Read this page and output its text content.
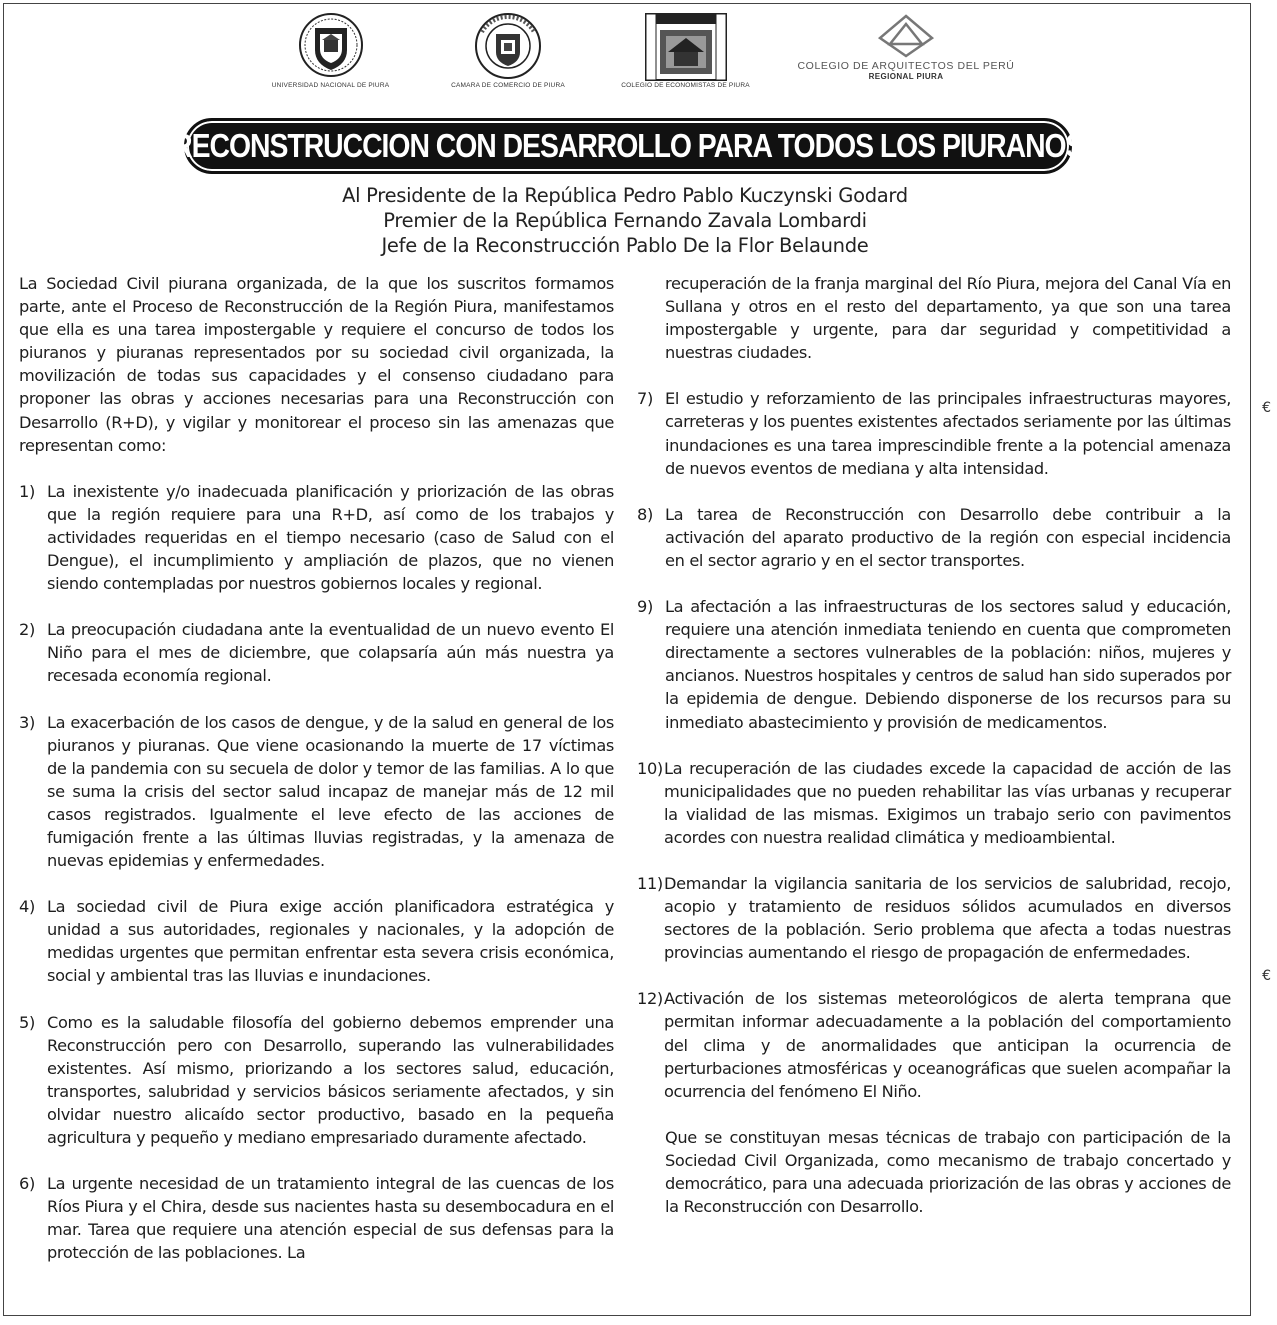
UNIVERSIDAD NACIONAL DE PIURA	CAMARA DE COMERCIO DE PIURA	COLEGIO DE ECONOMISTAS DE PIURA
COLEGIO DE ARQUITECTOS DEL PERÚ
REGIONAL PIURA
RECONSTRUCCION CON DESARROLLO PARA TODOS LOS PIURANOS
Al Presidente de la República Pedro Pablo Kuczynski Godard
Premier de la República Fernando Zavala Lombardi
Jefe de la Reconstrucción Pablo De la Flor Belaunde

La Sociedad Civil piurana organizada, de la que los suscritos formamos parte, ante el Proceso de Reconstrucción de la Región Piura, manifestamos que ella es una tarea impostergable y requiere el concurso de todos los piuranos y piuranas representados por su sociedad civil organizada, la movilización de todas sus capacidades y el consenso ciudadano para proponer las obras y acciones necesarias para una Reconstrucción con Desarrollo (R+D), y vigilar y monitorear el proceso sin las amenazas que representan como:

1) La inexistente y/o inadecuada planificación y priorización de las obras que la región requiere para una R+D, así como de los trabajos y actividades requeridas en el tiempo necesario (caso de Salud con el Dengue), el incumplimiento y ampliación de plazos, que no vienen siendo contempladas por nuestros gobiernos locales y regional.
2) La preocupación ciudadana ante la eventualidad de un nuevo evento El Niño para el mes de diciembre, que colapsaría aún más nuestra ya recesada economía regional.
3) La exacerbación de los casos de dengue, y de la salud en general de los piuranos y piuranas. Que viene ocasionando la muerte de 17 víctimas de la pandemia con su secuela de dolor y temor de las familias. A lo que se suma la crisis del sector salud incapaz de manejar más de 12 mil casos registrados. Igualmente el leve efecto de las acciones de fumigación frente a las últimas lluvias registradas, y la amenaza de nuevas epidemias y enfermedades.
4) La sociedad civil de Piura exige acción planificadora estratégica y unidad a sus autoridades, regionales y nacionales, y la adopción de medidas urgentes que permitan enfrentar esta severa crisis económica, social y ambiental tras las lluvias e inundaciones.
5) Como es la saludable filosofía del gobierno debemos emprender una Reconstrucción pero con Desarrollo, superando las vulnerabilidades existentes. Así mismo, priorizando a los sectores salud, educación, transportes, salubridad y servicios básicos seriamente afectados, y sin olvidar nuestro alicaído sector productivo, basado en la pequeña agricultura y pequeño y mediano empresariado duramente afectado.
6) La urgente necesidad de un tratamiento integral de las cuencas de los Ríos Piura y el Chira, desde sus nacientes hasta su desembocadura en el mar. Tarea que requiere una atención especial de sus defensas para la protección de las poblaciones. La
recuperación de la franja marginal del Río Piura, mejora del Canal Vía en Sullana y otros en el resto del departamento, ya que son una tarea impostergable y urgente, para dar seguridad y competitividad a nuestras ciudades.
7) El estudio y reforzamiento de las principales infraestructuras mayores, carreteras y los puentes existentes afectados seriamente por las últimas inundaciones es una tarea imprescindible frente a la potencial amenaza de nuevos eventos de mediana y alta intensidad.
8) La tarea de Reconstrucción con Desarrollo debe contribuir a la activación del aparato productivo de la región con especial incidencia en el sector agrario y en el sector transportes.
9) La afectación a las infraestructuras de los sectores salud y educación, requiere una atención inmediata teniendo en cuenta que comprometen directamente a sectores vulnerables de la población: niños, mujeres y ancianos. Nuestros hospitales y centros de salud han sido superados por la epidemia de dengue. Debiendo disponerse de los recursos para su inmediato abastecimiento y provisión de medicamentos.
10) La recuperación de las ciudades excede la capacidad de acción de las municipalidades que no pueden rehabilitar las vías urbanas y recuperar la vialidad de las mismas. Exigimos un trabajo serio con pavimentos acordes con nuestra realidad climática y medioambiental.
11) Demandar la vigilancia sanitaria de los servicios de salubridad, recojo, acopio y tratamiento de residuos sólidos acumulados en diversos sectores de la población. Serio problema que afecta a todas nuestras provincias aumentando el riesgo de propagación de enfermedades.
12) Activación de los sistemas meteorológicos de alerta temprana que permitan informar adecuadamente a la población del comportamiento del clima y de anormalidades que anticipan la ocurrencia de perturbaciones atmosféricas y oceanográficas que suelen acompañar la ocurrencia del fenómeno El Niño.
Que se constituyan mesas técnicas de trabajo con participación de la Sociedad Civil Organizada, como mecanismo de trabajo concertado y democrático, para una adecuada priorización de las obras y acciones de la Reconstrucción con Desarrollo.
€
€
